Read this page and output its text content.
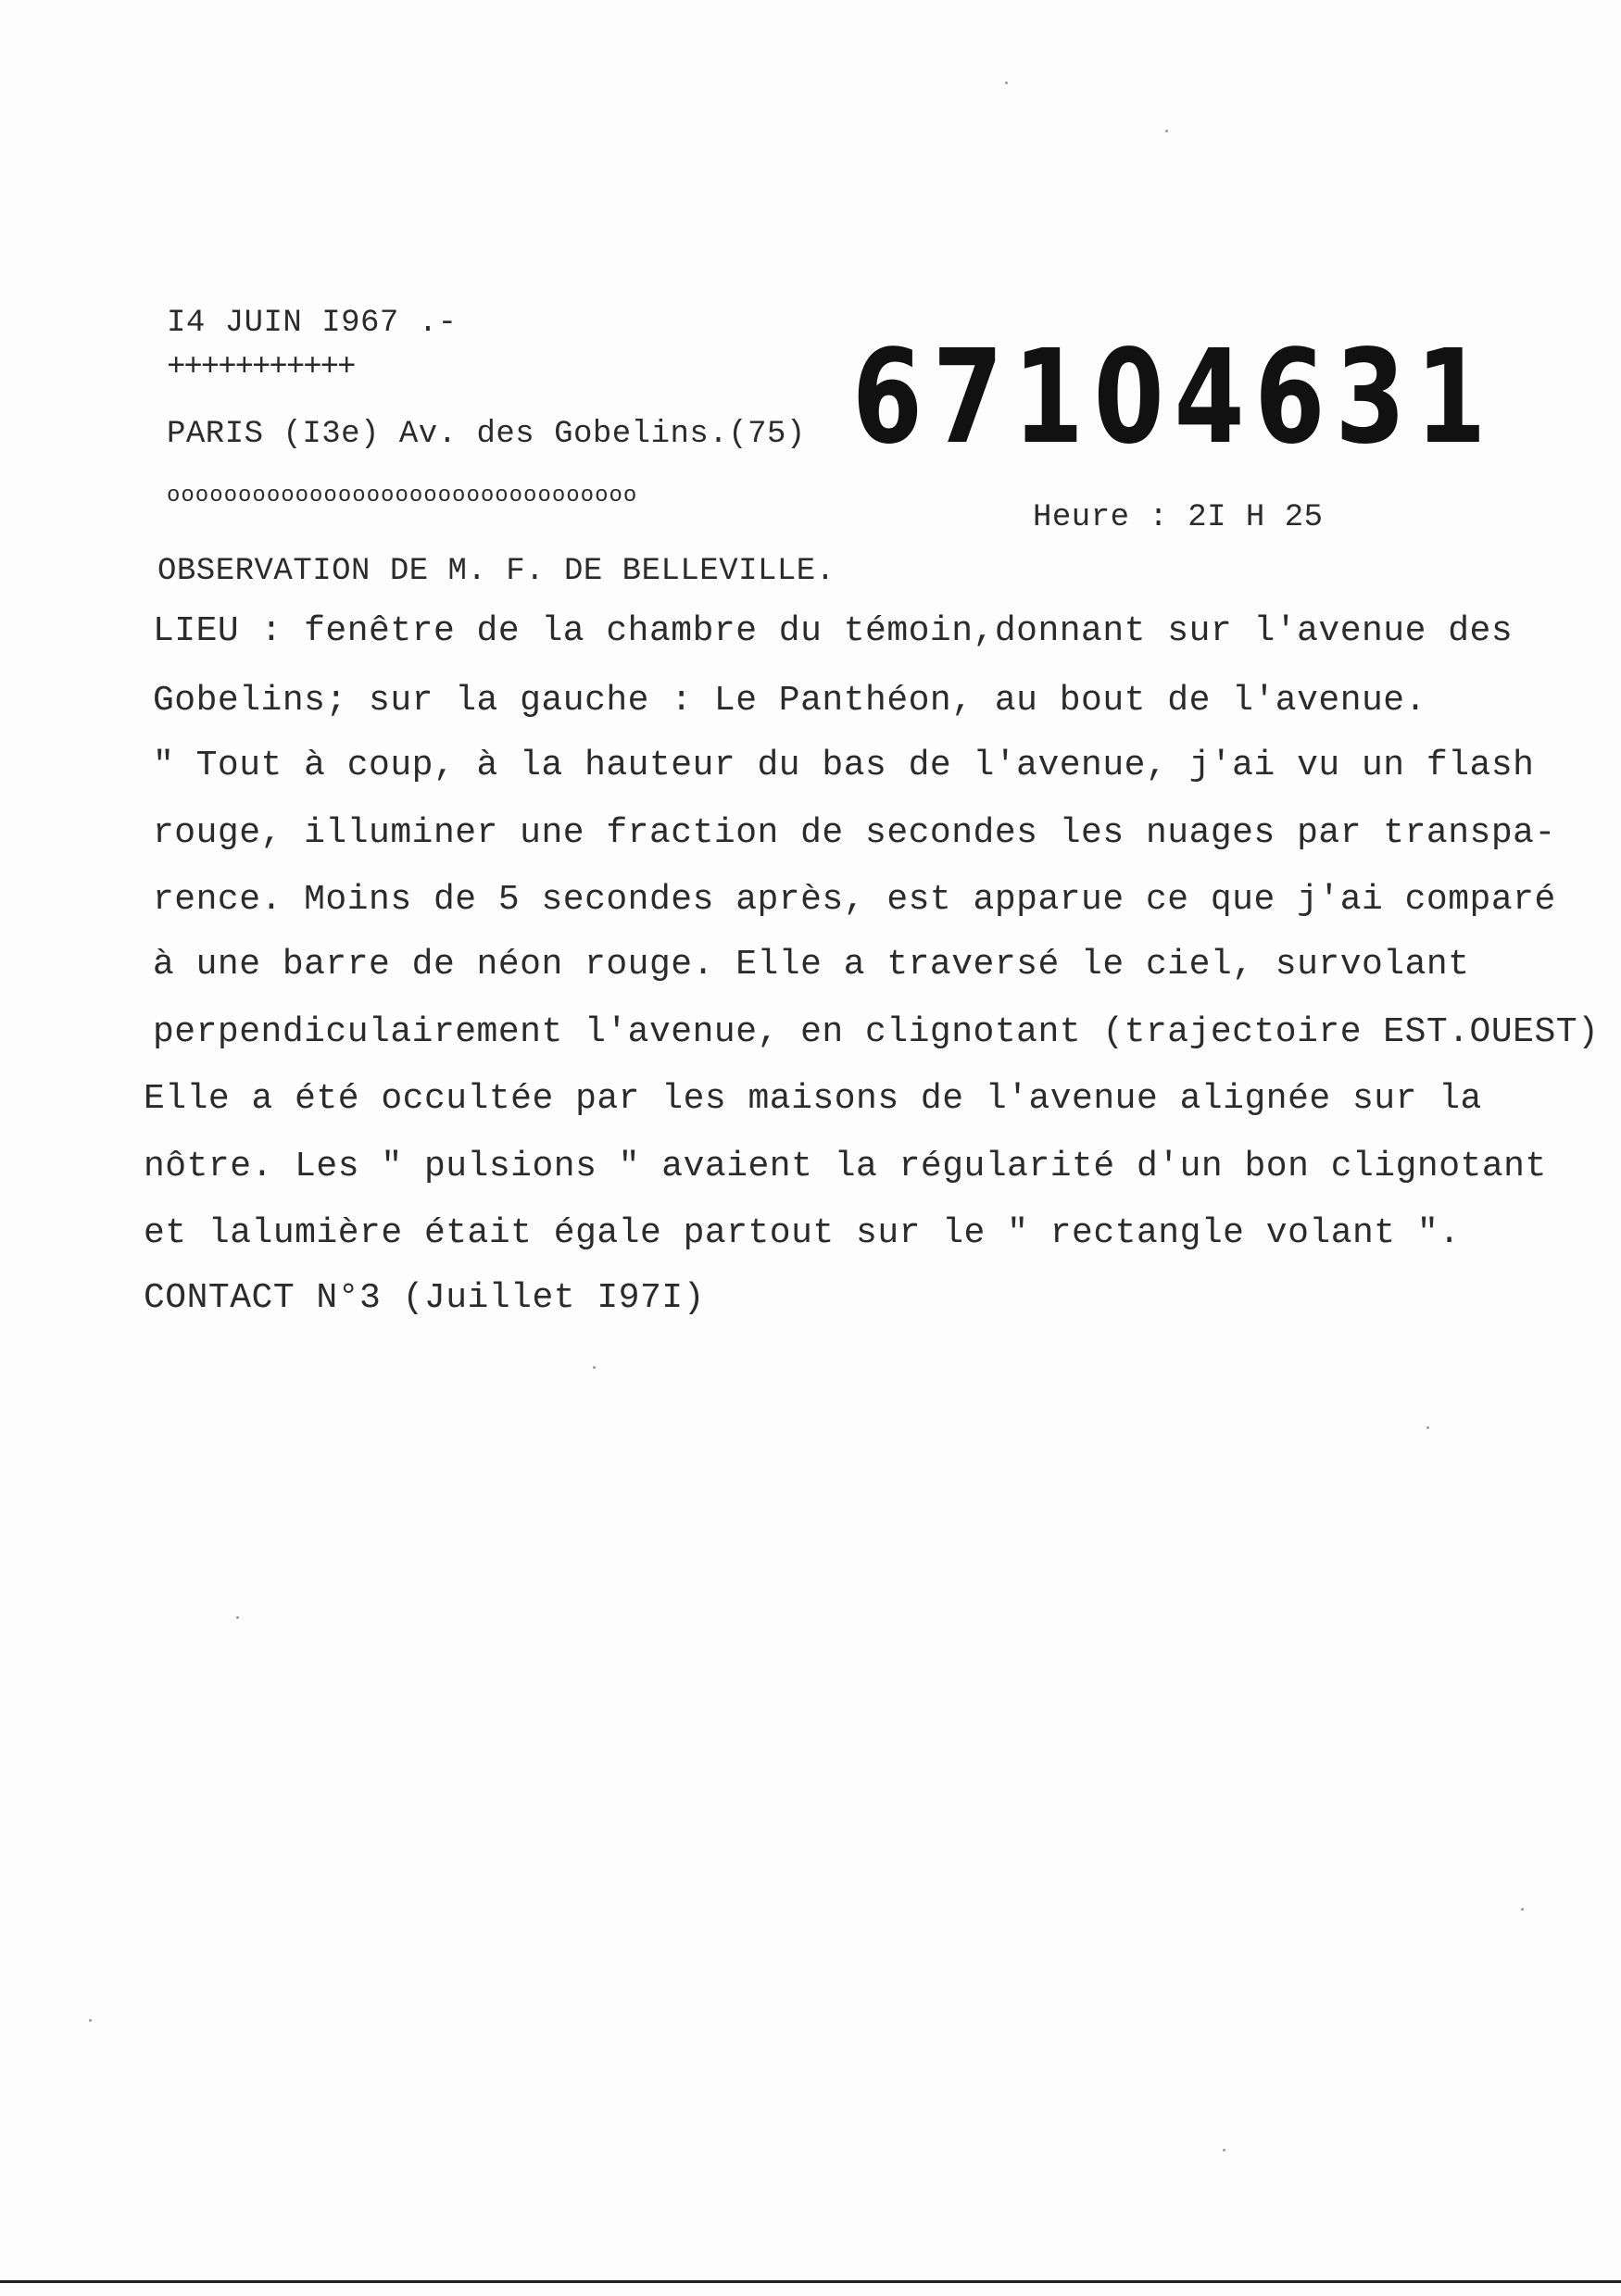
I4 JUIN I967 .-
+++++++++++	67104631
PARIS (I3e) Av. des Gobelins.(75)
ooooooooooooooooooooooooooooooooo
Heure : 2I H 25
OBSERVATION DE M. F. DE BELLEVILLE.
LIEU : fenêtre de la chambre du témoin,donnant sur l'avenue des
Gobelins; sur la gauche : Le Panthéon, au bout de l'avenue.
" Tout à coup, à la hauteur du bas de l'avenue, j'ai vu un flash
rouge, illuminer une fraction de secondes les nuages par transpa-
rence. Moins de 5 secondes après, est apparue ce que j'ai comparé
à une barre de néon rouge. Elle a traversé le ciel, survolant
perpendiculairement l'avenue, en clignotant (trajectoire EST.OUEST)
Elle a été occultée par les maisons de l'avenue alignée sur la
nôtre. Les " pulsions " avaient la régularité d'un bon clignotant
et lalumière était égale partout sur le " rectangle volant ".
CONTACT N°3 (Juillet I97I)
